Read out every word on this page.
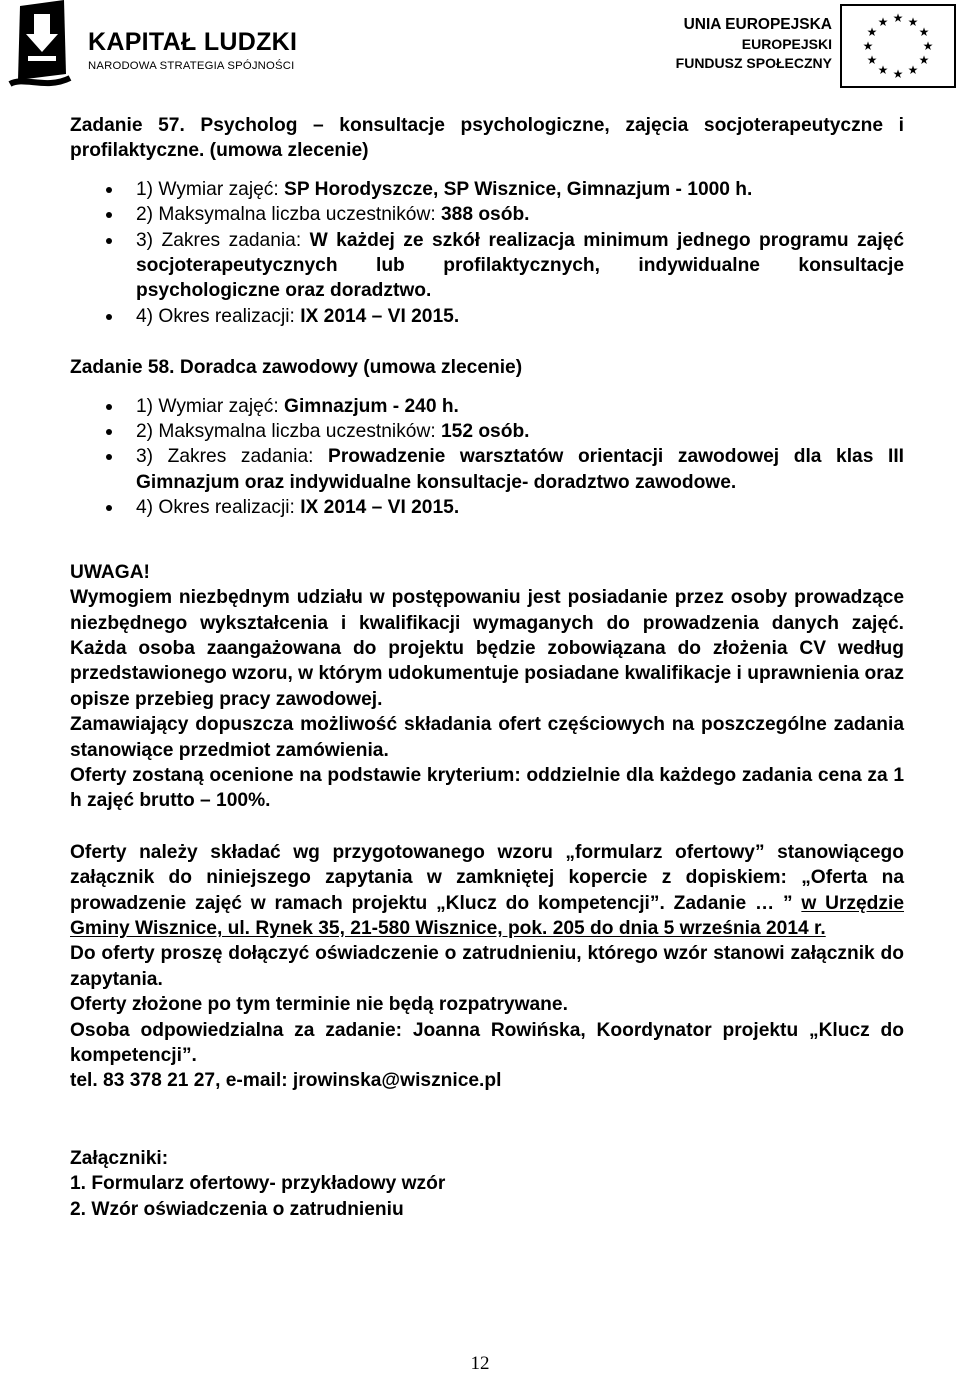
KAPITAŁ LUDZKI
NARODOWA STRATEGIA SPÓJNOŚCI
UNIA EUROPEJSKA
EUROPEJSKI
FUNDUSZ SPOŁECZNY
★ ★
★
★
★
★
★
★
★
★
★
★

Zadanie 57. Psycholog – konsultacje psychologiczne, zajęcia socjoterapeutyczne i profilaktyczne. (umowa zlecenie)

1) Wymiar zajęć: SP Horodyszcze, SP Wisznice, Gimnazjum - 1000 h.
2) Maksymalna liczba uczestników: 388 osób.
3) Zakres zadania: W każdej ze szkół realizacja minimum jednego programu zajęć socjoterapeutycznych lub profilaktycznych, indywidualne konsultacje psychologiczne oraz doradztwo.
4) Okres realizacji: IX 2014 – VI 2015.

Zadanie 58. Doradca zawodowy (umowa zlecenie)

1) Wymiar zajęć: Gimnazjum - 240 h.
2) Maksymalna liczba uczestników: 152 osób.
3) Zakres zadania: Prowadzenie warsztatów orientacji zawodowej dla klas III Gimnazjum oraz indywidualne konsultacje- doradztwo zawodowe.
4) Okres realizacji: IX 2014 – VI 2015.

UWAGA!

Wymogiem niezbędnym udziału w postępowaniu jest posiadanie przez osoby prowadzące niezbędnego wykształcenia i kwalifikacji wymaganych do prowadzenia danych zajęć. Każda osoba zaangażowana do projektu będzie zobowiązana do złożenia CV według przedstawionego wzoru, w którym udokumentuje posiadane kwalifikacje i uprawnienia oraz opisze przebieg pracy zawodowej.

Zamawiający dopuszcza możliwość składania ofert częściowych na poszczególne zadania stanowiące przedmiot zamówienia.

Oferty zostaną ocenione na podstawie kryterium: oddzielnie dla każdego zadania cena za 1 h zajęć brutto – 100%.

Oferty należy składać wg przygotowanego wzoru „formularz ofertowy” stanowiącego załącznik do niniejszego zapytania w zamkniętej kopercie z dopiskiem: „Oferta na prowadzenie zajęć w ramach projektu „Klucz do kompetencji”. Zadanie … ” w Urzędzie Gminy Wisznice, ul. Rynek 35, 21-580 Wisznice, pok. 205 do dnia 5 września 2014 r.

Do oferty proszę dołączyć oświadczenie o zatrudnieniu, którego wzór stanowi załącznik do zapytania.

Oferty złożone po tym terminie nie będą rozpatrywane.

Osoba odpowiedzialna za zadanie: Joanna Rowińska, Koordynator projektu „Klucz do kompetencji”.

tel. 83 378 21 27, e-mail: jrowinska@wisznice.pl

Załączniki:

1. Formularz ofertowy- przykładowy wzór

2. Wzór oświadczenia o zatrudnieniu

12
